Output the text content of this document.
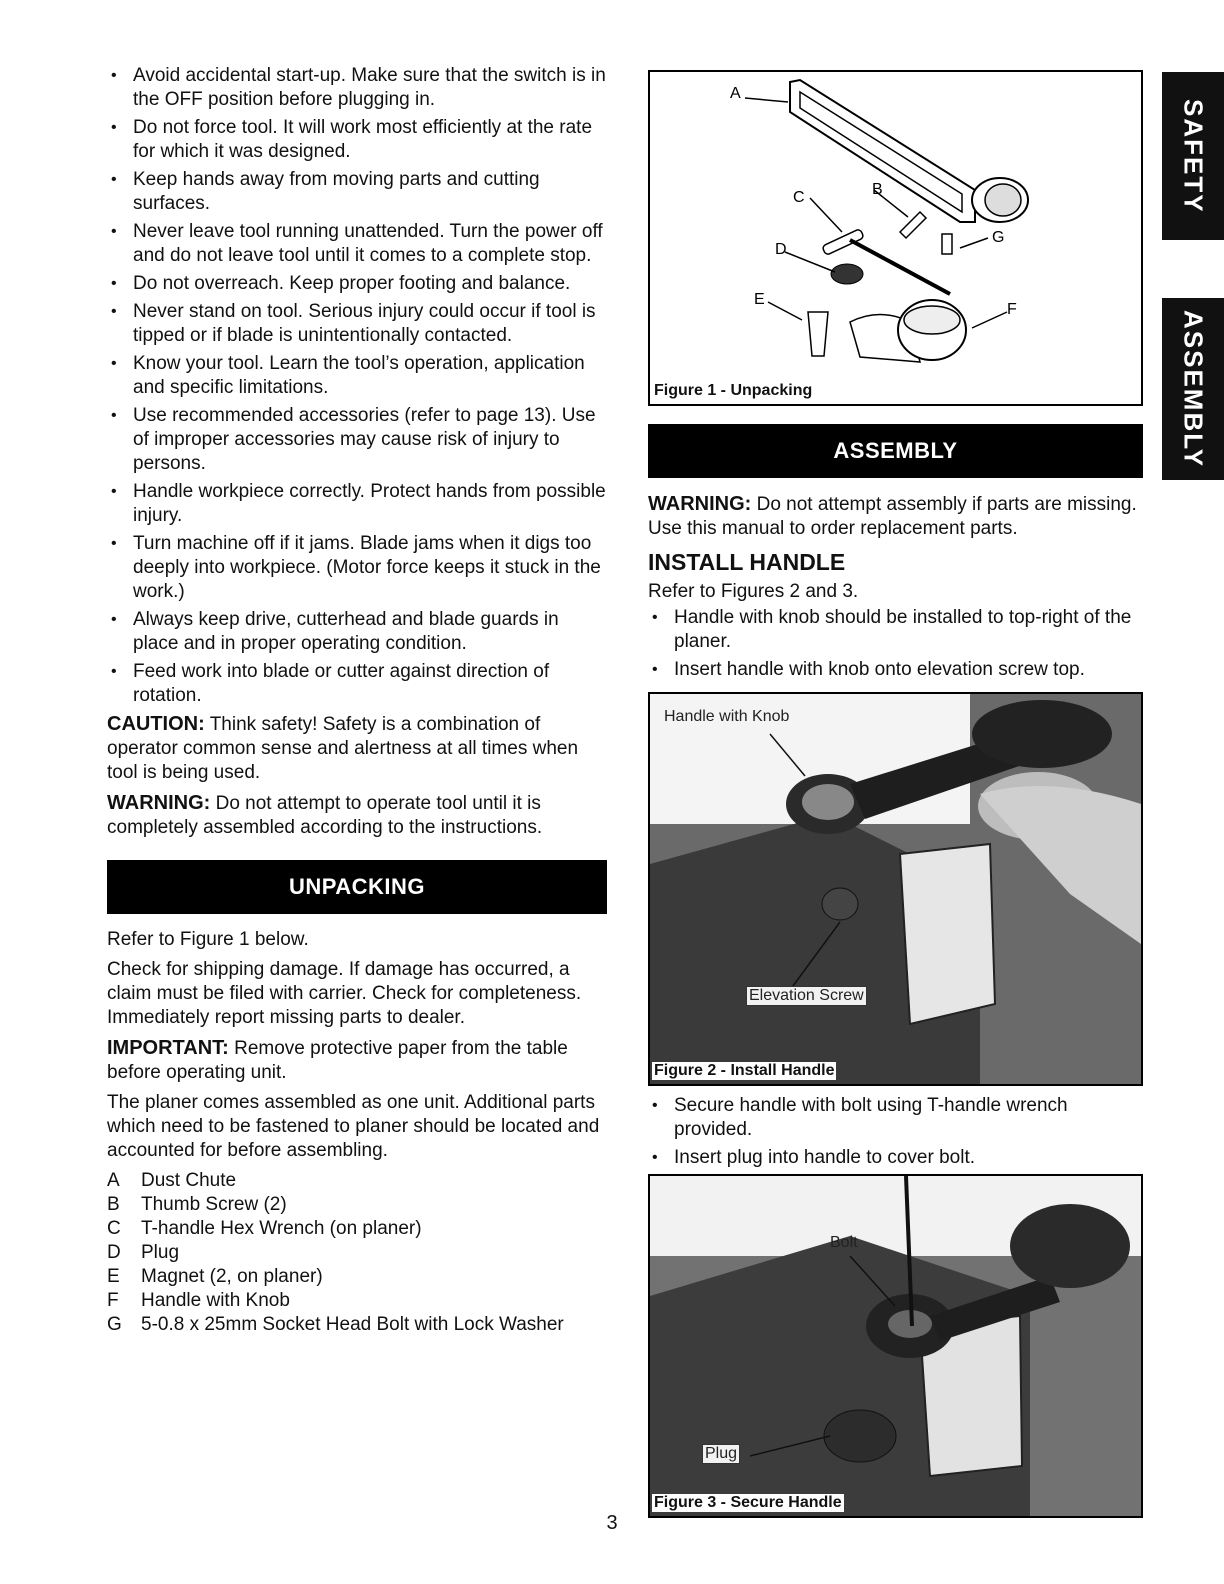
• Avoid accidental start-up. Make sure that the switch is in the OFF position before plugging in.
• Do not force tool. It will work most efficiently at the rate for which it was designed.
• Keep hands away from moving parts and cutting surfaces.
• Never leave tool running unattended. Turn the power off and do not leave tool until it comes to a complete stop.
• Do not overreach. Keep proper footing and balance.
• Never stand on tool. Serious injury could occur if tool is tipped or if blade is unintentionally contacted.
• Know your tool. Learn the tool’s operation, application and specific limitations.
• Use recommended accessories (refer to page 13). Use of improper accessories may cause risk of injury to persons.
• Handle workpiece correctly. Protect hands from possible injury.
• Turn machine off if it jams. Blade jams when it digs too deeply into workpiece. (Motor force keeps it stuck in the work.)
• Always keep drive, cutterhead and blade guards in place and in proper operating condition.
• Feed work into blade or cutter against direction of rotation.

CAUTION: Think safety! Safety is a combination of operator common sense and alertness at all times when tool is being used.

WARNING: Do not attempt to operate tool until it is completely assembled according to the instructions.

UNPACKING

Refer to Figure 1 below.

Check for shipping damage. If damage has occurred, a claim must be filed with carrier. Check for completeness. Immediately report missing parts to dealer.

IMPORTANT: Remove protective paper from the table before operating unit.

The planer comes assembled as one unit. Additional parts which need to be fastened to planer should be located and accounted for before assembling.

A	Dust Chute
B	Thumb Screw (2)
C	T-handle Hex Wrench (on planer)
D	Plug
E	Magnet (2, on planer)
F	Handle with Knob
G	5-0.8 x 25mm Socket Head Bolt with Lock Washer
A
B
C
D
E
F
G
Figure 1 - Unpacking
ASSEMBLY

WARNING: Do not attempt assembly if parts are missing. Use this manual to order replacement parts.

INSTALL HANDLE

Refer to Figures 2 and 3.

• Handle with knob should be installed to top-right of the planer.
• Insert handle with knob onto elevation screw top.
Handle with Knob
Elevation Screw
Figure 2 - Install Handle
• Secure handle with bolt using T-handle wrench provided.
• Insert plug into handle to cover bolt.
Bolt
Plug
Figure 3 - Secure Handle
SAFETY
ASSEMBLY
3
